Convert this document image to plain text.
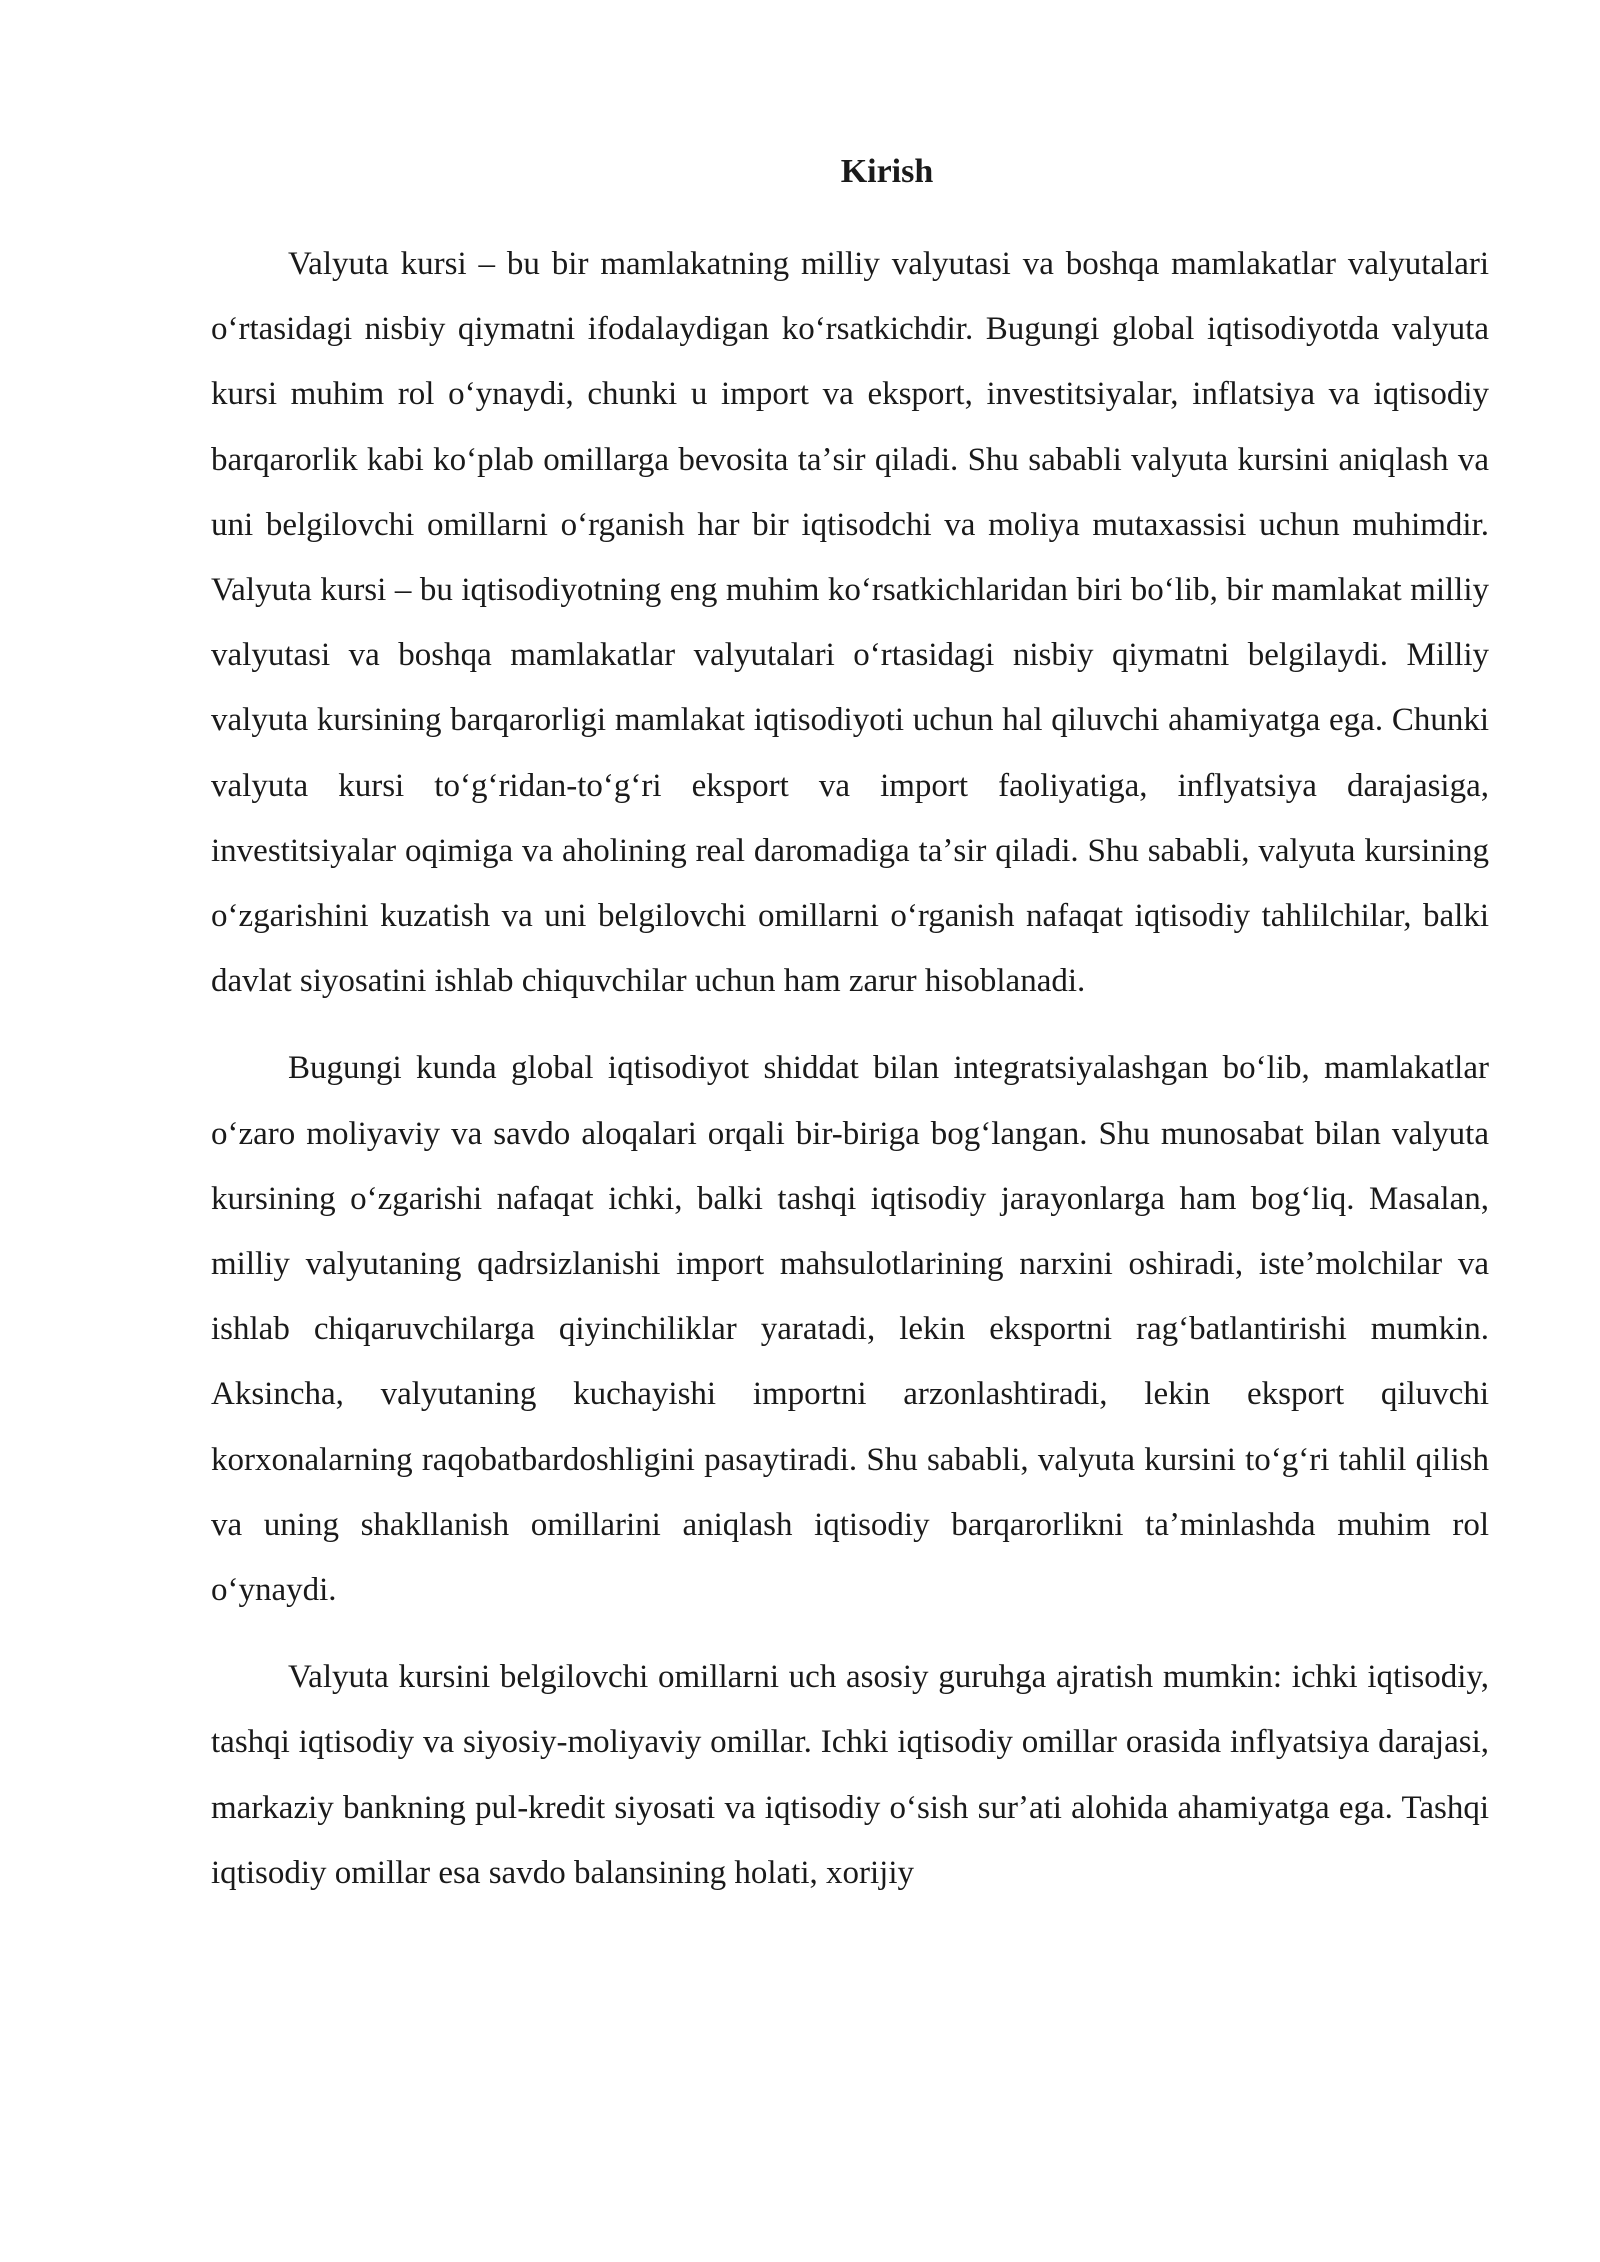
Kirish

Valyuta kursi – bu bir mamlakatning milliy valyutasi va boshqa mamlakatlar valyutalari oʻrtasidagi nisbiy qiymatni ifodalaydigan koʻrsatkichdir. Bugungi global iqtisodiyotda valyuta kursi muhim rol oʻynaydi, chunki u import va eksport, investitsiyalar, inflatsiya va iqtisodiy barqarorlik kabi koʻplab omillarga bevosita taʼsir qiladi. Shu sababli valyuta kursini aniqlash va uni belgilovchi omillarni oʻrganish har bir iqtisodchi va moliya mutaxassisi uchun muhimdir. Valyuta kursi – bu iqtisodiyotning eng muhim koʻrsatkichlaridan biri boʻlib, bir mamlakat milliy valyutasi va boshqa mamlakatlar valyutalari oʻrtasidagi nisbiy qiymatni belgilaydi. Milliy valyuta kursining barqarorligi mamlakat iqtisodiyoti uchun hal qiluvchi ahamiyatga ega. Chunki valyuta kursi toʻgʻridan-toʻgʻri eksport va import faoliyatiga, inflyatsiya darajasiga, investitsiyalar oqimiga va aholining real daromadiga taʼsir qiladi. Shu sababli, valyuta kursining oʻzgarishini kuzatish va uni belgilovchi omillarni oʻrganish nafaqat iqtisodiy tahlilchilar, balki davlat siyosatini ishlab chiquvchilar uchun ham zarur hisoblanadi.

Bugungi kunda global iqtisodiyot shiddat bilan integratsiyalashgan boʻlib, mamlakatlar oʻzaro moliyaviy va savdo aloqalari orqali bir-biriga bogʻlangan. Shu munosabat bilan valyuta kursining oʻzgarishi nafaqat ichki, balki tashqi iqtisodiy jarayonlarga ham bogʻliq. Masalan, milliy valyutaning qadrsizlanishi import mahsulotlarining narxini oshiradi, isteʼmolchilar va ishlab chiqaruvchilarga qiyinchiliklar yaratadi, lekin eksportni ragʻbatlantirishi mumkin. Aksincha, valyutaning kuchayishi importni arzonlashtiradi, lekin eksport qiluvchi korxonalarning raqobatbardoshligini pasaytiradi. Shu sababli, valyuta kursini toʻgʻri tahlil qilish va uning shakllanish omillarini aniqlash iqtisodiy barqarorlikni taʼminlashda muhim rol oʻynaydi.

Valyuta kursini belgilovchi omillarni uch asosiy guruhga ajratish mumkin: ichki iqtisodiy, tashqi iqtisodiy va siyosiy-moliyaviy omillar. Ichki iqtisodiy omillar orasida inflyatsiya darajasi, markaziy bankning pul-kredit siyosati va iqtisodiy oʻsish surʼati alohida ahamiyatga ega. Tashqi iqtisodiy omillar esa savdo balansining holati, xorijiy
